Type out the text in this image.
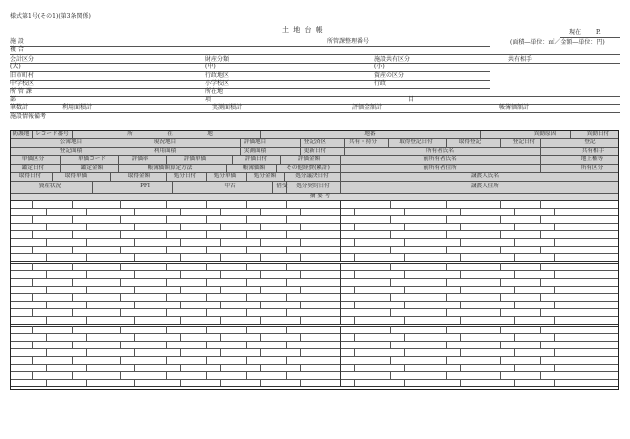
様式第1号(その1)(第3条関係)
土 地 台 帳	現在 P.
(面積―単位：㎡／金額―単位：円)
施 設	所管課整理番号
複 合
会計区分	財産分類	施設共有区分	共有相手
(大)	(中)	(小)
旧市町村	行政地区	資産の区分
中学校区	小学校区	行政
所 管 課	所在地
部	項	目
筆数計	利用面積計	実測面積計	評価金額計	帳簿価額計
施設情報備考
防護地	レコード番号	所	在	地	地番	異動原因	異動日付
公簿地目	現況地目	評価地目	登記済区	共有・持分	取得登記日付	取得登記	登記日付	登記
登記面積	利用面積	実測面積	更新日付	所有者氏名	共有相手
単価区分	単価コード	評価率	評価単価	評価日付	評価金額	前所有者氏名	地上権等
鑑定日付	鑑定金額	帳簿価額算定方法	帳簿価額	その他経費(累計)	前所有者住所	所有区分
取得日付	取得単価	取得金額	処分日付	処分単価	処分金額	処分議決日付	譲渡人氏名
資産状況	PFI	中古	借受	処分契約日付	譲渡人住所
摘 要 考
